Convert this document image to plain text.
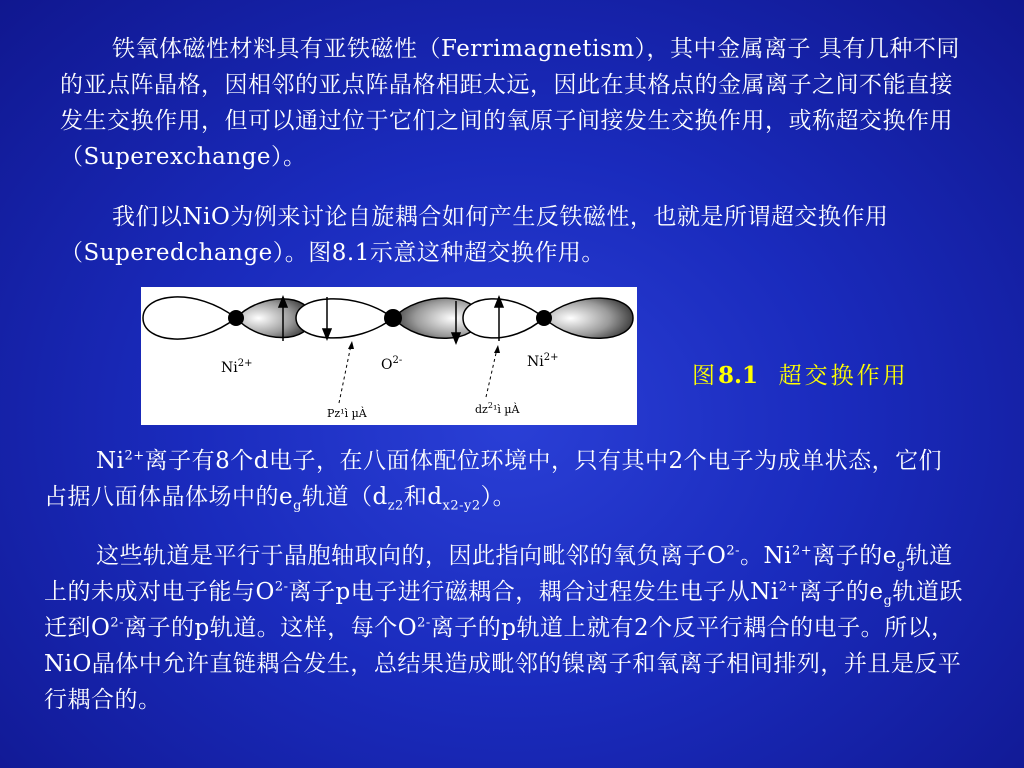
铁氧体磁性材料具有亚铁磁性（Ferrimagnetism），其中金属离子 具有几种不同的亚点阵晶格，因相邻的亚点阵晶格相距太远，因此在其格点的金属离子之间不能直接发生交换作用，但可以通过位于它们之间的氧原子间接发生交换作用，或称超交换作用（Superexchange）。

我们以NiO为例来讨论自旋耦合如何产生反铁磁性，也就是所谓超交换作用（Superedchange）。图8.1示意这种超交换作用。

$Ni^{2+}$	$O^{2-}$	$Ni^{2+}$
Pz¹ì µÀ	$dz^2^1ì$ µÀ
图8.1 超交换作用

$Ni^{2+}$离子有8个d电子，在八面体配位环境中，只有其中2个电子为成单状态，它们占据八面体晶体场中的$e_g$轨道（$d_{z2}$和$d_{x2-y2}$）。

这些轨道是平行于晶胞轴取向的，因此指向毗邻的氧负离子$O^{2-}$。$Ni^{2+}$离子的$e_g$轨道上的未成对电子能与$O^{2-}$离子p电子进行磁耦合，耦合过程发生电子从$Ni^{2+}$离子的$e_g$轨道跃迁到$O^{2-}$离子的p轨道。这样，每个$O^{2-}$离子的p轨道上就有2个反平行耦合的电子。所以，NiO晶体中允许直链耦合发生，总结果造成毗邻的镍离子和氧离子相间排列，并且是反平行耦合的。
